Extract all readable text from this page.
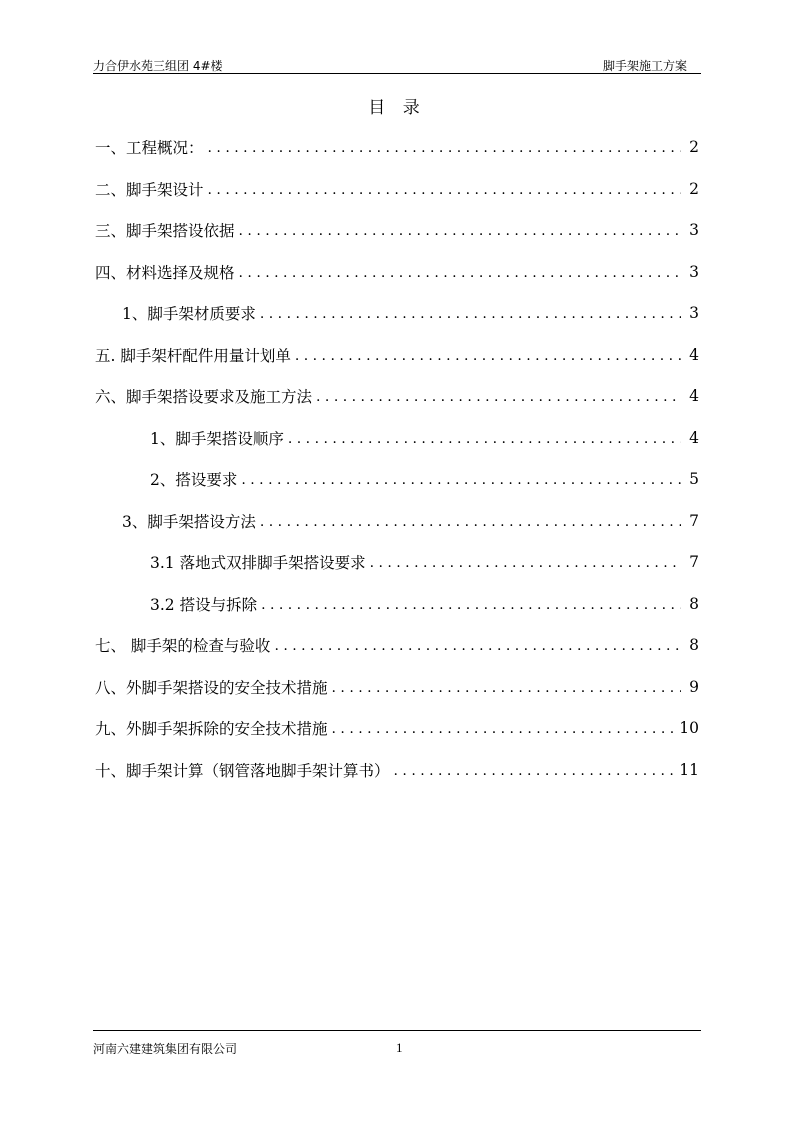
力合伊水苑三组团 4#楼	脚手架施工方案
目 录
一、工程概况： . . .	2
二、脚手架设计 . . .	2
三、脚手架搭设依据 . . .	3
四、材料选择及规格 . . .	3
1、脚手架材质要求 . . .	3
五. 脚手架杆配件用量计划单 . . .	4
六、脚手架搭设要求及施工方法 . . .	4
1、脚手架搭设顺序 . . .	4
2、搭设要求 . . .	5
3、脚手架搭设方法 . . .	7
3.1 落地式双排脚手架搭设要求 . . .	7
3.2 搭设与拆除 . . .	8
七、 脚手架的检查与验收 . . .	8
八、外脚手架搭设的安全技术措施 . . .	9
九、外脚手架拆除的安全技术措施 . . .	10
十、脚手架计算（钢管落地脚手架计算书） . . .	11
河南六建建筑集团有限公司	1
